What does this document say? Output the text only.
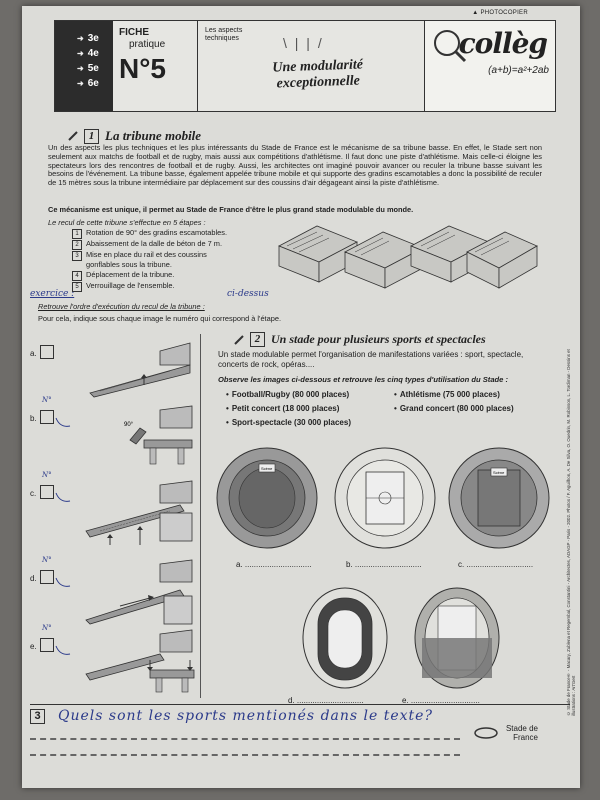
▲ PHOTOCOPIER
➜ 3e
➜ 4e
➜ 5e
➜ 6e
FICHE
pratique
N°5
Les aspects techniques	\ | | /
Une modularité exceptionnelle
collèg
(a+b)=a²+2ab
1 La tribune mobile
Un des aspects les plus techniques et les plus intéressants du Stade de France est le mécanisme de sa tribune basse. En effet, le Stade sert non seulement aux matchs de football et de rugby, mais aussi aux compétitions d'athlétisme. Il faut donc une piste d'athlétisme. Mais celle-ci éloigne les spectateurs lors des rencontres de football et de rugby. Aussi, les architectes ont imaginé pouvoir avancer ou reculer la tribune basse suivant les besoins de l'événement. La tribune basse, également appelée tribune mobile et qui supporte des gradins escamotables a donc la possibilité de reculer de 15 mètres sous la tribune intermédiaire par déplacement sur des coussins d'air dégageant ainsi la piste d'athlétisme.
Ce mécanisme est unique, il permet au Stade de France d'être le plus grand stade modulable du monde.
Le recul de cette tribune s'effectue en 5 étapes :
1 Rotation de 90° des gradins escamotables.
2 Abaissement de la dalle de béton de 7 m.
3 Mise en place du rail et des coussins gonflables sous la tribune.
4 Déplacement de la tribune.
5 Verrouillage de l'ensemble.
exercice :	ci-dessus
Retrouve l'ordre d'exécution du recul de la tribune :
Pour cela, indique sous chaque image le numéro qui correspond à l'étape.
a.
N°
b.
90°
N°
c.
N°
d.
N°
e.
2 Un stade pour plusieurs sports et spectacles
Un stade modulable permet l'organisation de manifestations variées : sport, spectacle, concerts de rock, opéras....
Observe les images ci-dessous et retrouve les cinq types d'utilisation du Stade :
• Football/Rugby (80 000 places)	• Athlétisme (75 000 places)
• Petit concert (18 000 places)	• Grand concert (80 000 places)
• Sport-spectacle (30 000 places)
Scène
Scène
a. ..............................	b. ..............................	c. ..............................
d. ..............................	e. ...............................
3	Quels sont les sports mentionés dans le texte?
Stade de France
© Stade de France® - Macary, Zublena et Regembal, Constantini - Architectes, ADAGP - Paris - 2002. Photos / F. Aguilhon, A. De Silva, O. Ouedrin, M. Robinson, L. Tordiman - Dessins et illustrations : Art'Gert
